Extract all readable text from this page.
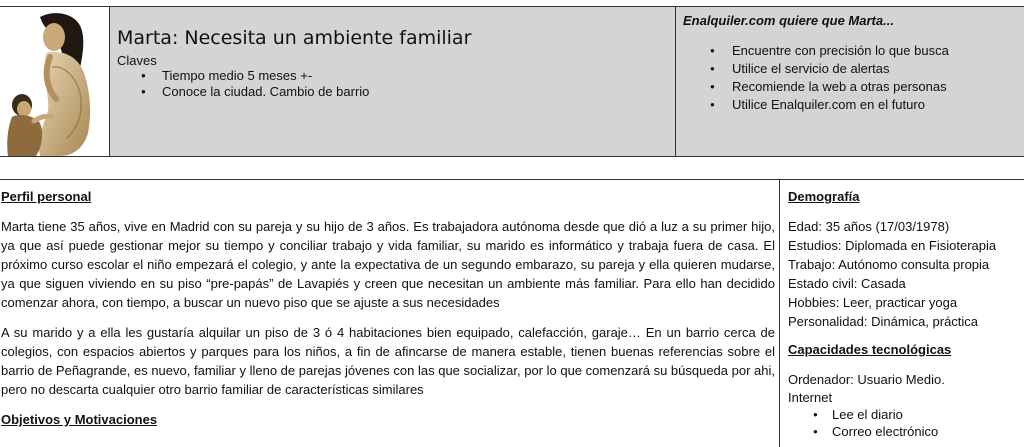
Marta: Necesita un ambiente familiar
Claves
● Tiempo medio 5 meses +-
● Conoce la ciudad. Cambio de barrio
Enalquiler.com quiere que Marta...
● Encuentre con precisión lo que busca
● Utilice el servicio de alertas
● Recomiende la web a otras personas
● Utilice Enalquiler.com en el futuro
Perfil personal

Marta tiene 35 años, vive en Madrid con su pareja y su hijo de 3 años. Es trabajadora autónoma desde que dió a luz a su primer hijo, ya que así puede gestionar mejor su tiempo y conciliar trabajo y vida familiar, su marido es informático y trabaja fuera de casa. El próximo curso escolar el niño empezará el colegio, y ante la expectativa de un segundo embarazo, su pareja y ella quieren mudarse, ya que siguen viviendo en su piso “pre-papás” de Lavapiés y creen que necesitan un ambiente más familiar. Para ello han decidido comenzar ahora, con tiempo, a buscar un nuevo piso que se ajuste a sus necesidades

A su marido y a ella les gustaría alquilar un piso de 3 ó 4 habitaciones bien equipado, calefacción, garaje… En un barrio cerca de colegios, con espacios abiertos y parques para los niños, a fin de afincarse de manera estable, tienen buenas referencias sobre el barrio de Peñagrande, es nuevo, familiar y lleno de parejas jóvenes con las que socializar, por lo que comenzará su búsqueda por ahi, pero no descarta cualquier otro barrio familiar de características similares

Objetivos y Motivaciones
Demografía
Edad: 35 años (17/03/1978)
Estudios: Diplomada en Fisioterapia
Trabajo: Autónomo consulta propia
Estado civil: Casada
Hobbies: Leer, practicar yoga
Personalidad: Dinámica, práctica
Capacidades tecnológicas
Ordenador: Usuario Medio.
Internet
● Lee el diario
● Correo electrónico
